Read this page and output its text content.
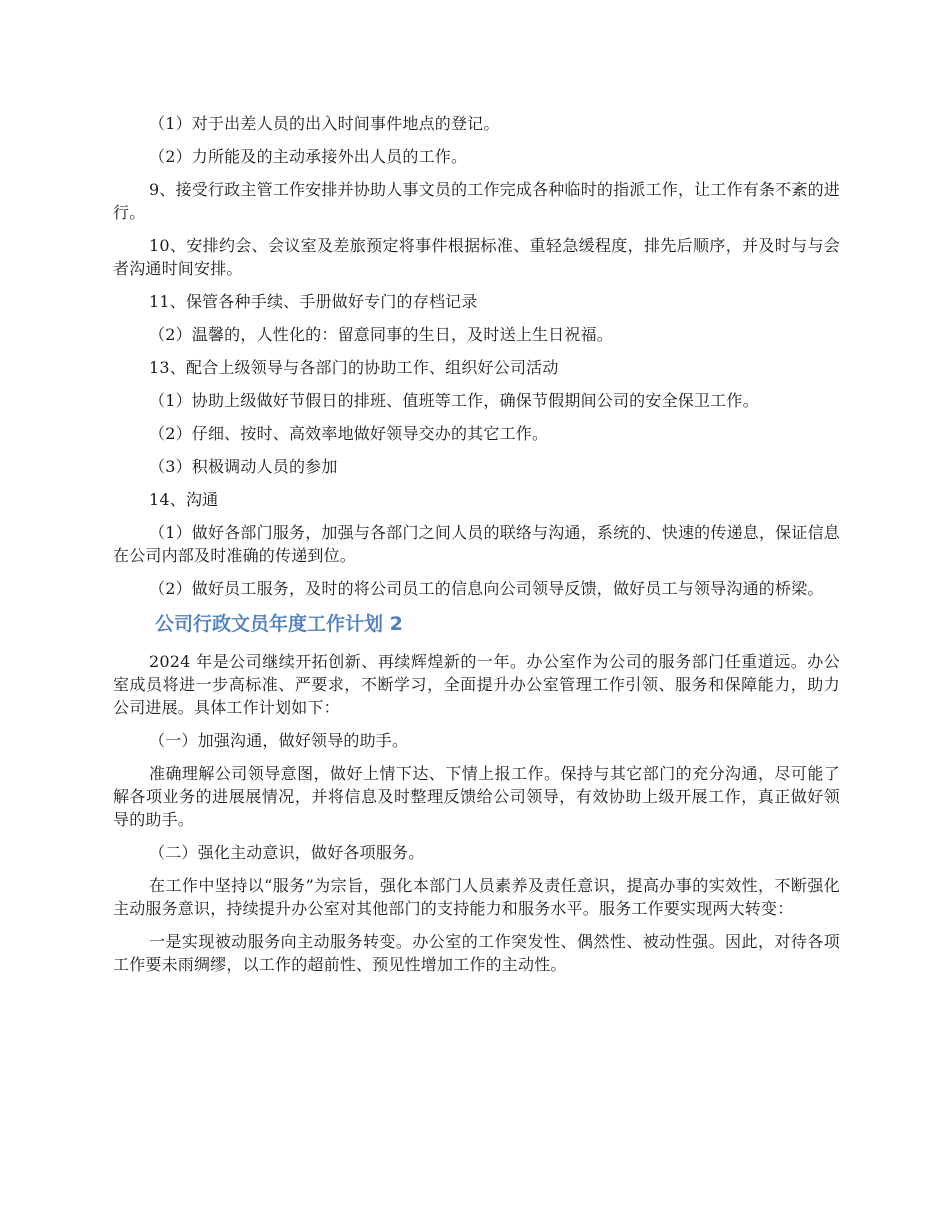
（1）对于出差人员的出入时间事件地点的登记。

（2）力所能及的主动承接外出人员的工作。

9、接受行政主管工作安排并协助人事文员的工作完成各种临时的指派工作，让工作有条不紊的进行。

10、安排约会、会议室及差旅预定将事件根据标准、重轻急缓程度，排先后顺序，并及时与与会者沟通时间安排。

11、保管各种手续、手册做好专门的存档记录

（2）温馨的，人性化的：留意同事的生日，及时送上生日祝福。

13、配合上级领导与各部门的协助工作、组织好公司活动

（1）协助上级做好节假日的排班、值班等工作，确保节假期间公司的安全保卫工作。

（2）仔细、按时、高效率地做好领导交办的其它工作。

（3）积极调动人员的参加

14、沟通

（1）做好各部门服务，加强与各部门之间人员的联络与沟通，系统的、快速的传递息，保证信息在公司内部及时准确的传递到位。

（2）做好员工服务，及时的将公司员工的信息向公司领导反馈，做好员工与领导沟通的桥梁。

公司行政文员年度工作计划 2

2024 年是公司继续开拓创新、再续辉煌新的一年。办公室作为公司的服务部门任重道远。办公室成员将进一步高标准、严要求，不断学习，全面提升办公室管理工作引领、服务和保障能力，助力公司进展。具体工作计划如下：

（一）加强沟通，做好领导的助手。

准确理解公司领导意图，做好上情下达、下情上报工作。保持与其它部门的充分沟通，尽可能了解各项业务的进展展情况，并将信息及时整理反馈给公司领导，有效协助上级开展工作，真正做好领导的助手。

（二）强化主动意识，做好各项服务。

在工作中坚持以“服务”为宗旨，强化本部门人员素养及责任意识，提高办事的实效性，不断强化主动服务意识，持续提升办公室对其他部门的支持能力和服务水平。服务工作要实现两大转变：

一是实现被动服务向主动服务转变。办公室的工作突发性、偶然性、被动性强。因此，对待各项工作要未雨绸缪，以工作的超前性、预见性增加工作的主动性。
